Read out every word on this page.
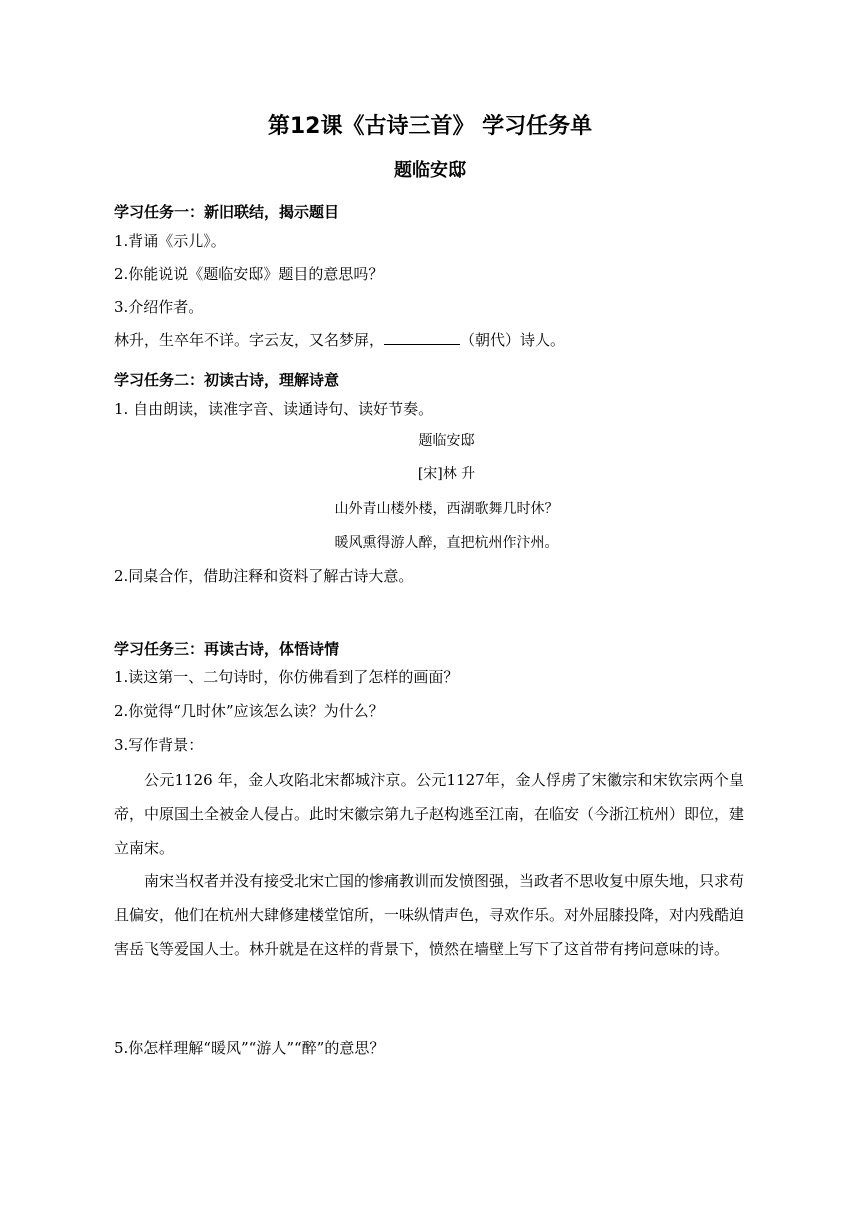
第12课《古诗三首》 学习任务单
题临安邸
学习任务一：新旧联结，揭示题目
1.背诵《示儿》。
2.你能说说《题临安邸》题目的意思吗？
3.介绍作者。
林升，生卒年不详。字云友，又名梦屏，	（朝代）诗人。
学习任务二：初读古诗，理解诗意
1. 自由朗读，读准字音、读通诗句、读好节奏。
题临安邸
[宋]林 升
山外青山楼外楼，西湖歌舞几时休？
暖风熏得游人醉，直把杭州作汴州。
2.同桌合作，借助注释和资料了解古诗大意。
学习任务三：再读古诗，体悟诗情
1.读这第一、二句诗时，你仿佛看到了怎样的画面？
2.你觉得“几时休”应该怎么读？为什么？
3.写作背景：
公元1126 年，金人攻陷北宋都城汴京。公元1127年，金人俘虏了宋徽宗和宋钦宗两个皇帝，中原国土全被金人侵占。此时宋徽宗第九子赵构逃至江南，在临安（今浙江杭州）即位，建立南宋。
南宋当权者并没有接受北宋亡国的惨痛教训而发愤图强，当政者不思收复中原失地，只求苟且偏安，他们在杭州大肆修建楼堂馆所，一味纵情声色，寻欢作乐。对外屈膝投降，对内残酷迫害岳飞等爱国人士。林升就是在这样的背景下，愤然在墙壁上写下了这首带有拷问意味的诗。
5.你怎样理解“暖风”“游人”“醉”的意思？
